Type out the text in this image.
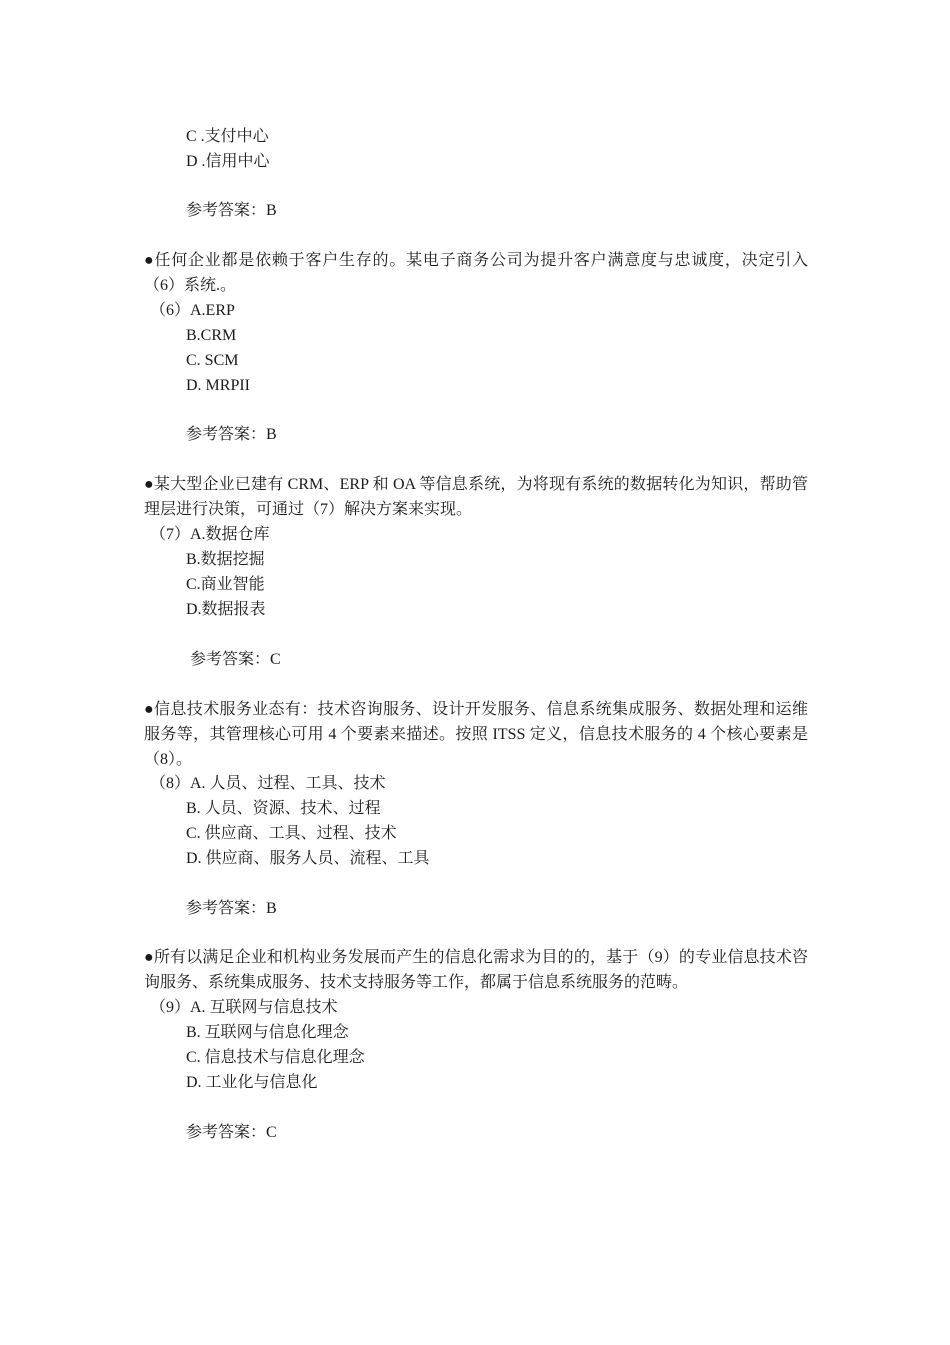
C .支付中心
D .信用中心
参考答案：B
●任何企业都是依赖于客户生存的。某电子商务公司为提升客户满意度与忠诚度，决定引入（6）系统.。
（6）A.ERP
B.CRM
C. SCM
D. MRPII
参考答案：B
●某大型企业已建有 CRM、ERP 和 OA 等信息系统，为将现有系统的数据转化为知识，帮助管理层进行决策，可通过（7）解决方案来实现。
（7）A.数据仓库
B.数据挖掘
C.商业智能
D.数据报表
参考答案：C
●信息技术服务业态有：技术咨询服务、设计开发服务、信息系统集成服务、数据处理和运维服务等，其管理核心可用 4 个要素来描述。按照 ITSS 定义，信息技术服务的 4 个核心要素是（8）。
（8）A. 人员、过程、工具、技术
B. 人员、资源、技术、过程
C. 供应商、工具、过程、技术
D. 供应商、服务人员、流程、工具
参考答案：B
●所有以满足企业和机构业务发展而产生的信息化需求为目的的，基于（9）的专业信息技术咨询服务、系统集成服务、技术支持服务等工作，都属于信息系统服务的范畴。
（9）A. 互联网与信息技术
B. 互联网与信息化理念
C. 信息技术与信息化理念
D. 工业化与信息化
参考答案：C
